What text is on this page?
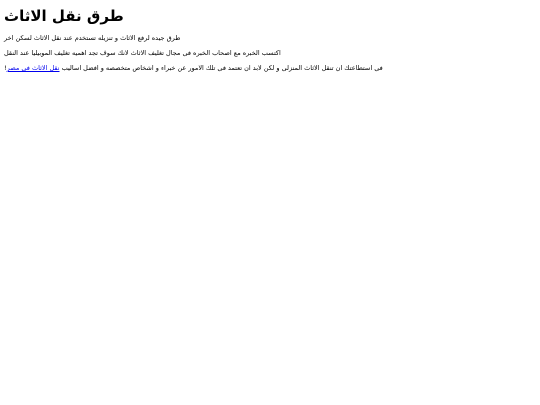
طرق نقل الاثاث

طرق جيده لرفع الاثاث و تنزيله تستخدم عند نقل الاثاث لسكن اخر

اكتسب الخبره مع اصحاب الخبره فى مجال تغليف الاثاث لانك سوف تجد اهميه تغليف الموبيليا عند النقل

فى استطاعتك ان تنقل الاثاث المنزلى و لكن لابد ان تعتمد فى تلك الامور عن خبراء و اشخاص متخصصه و افضل اساليب نقل الاثاث فى مصر!
